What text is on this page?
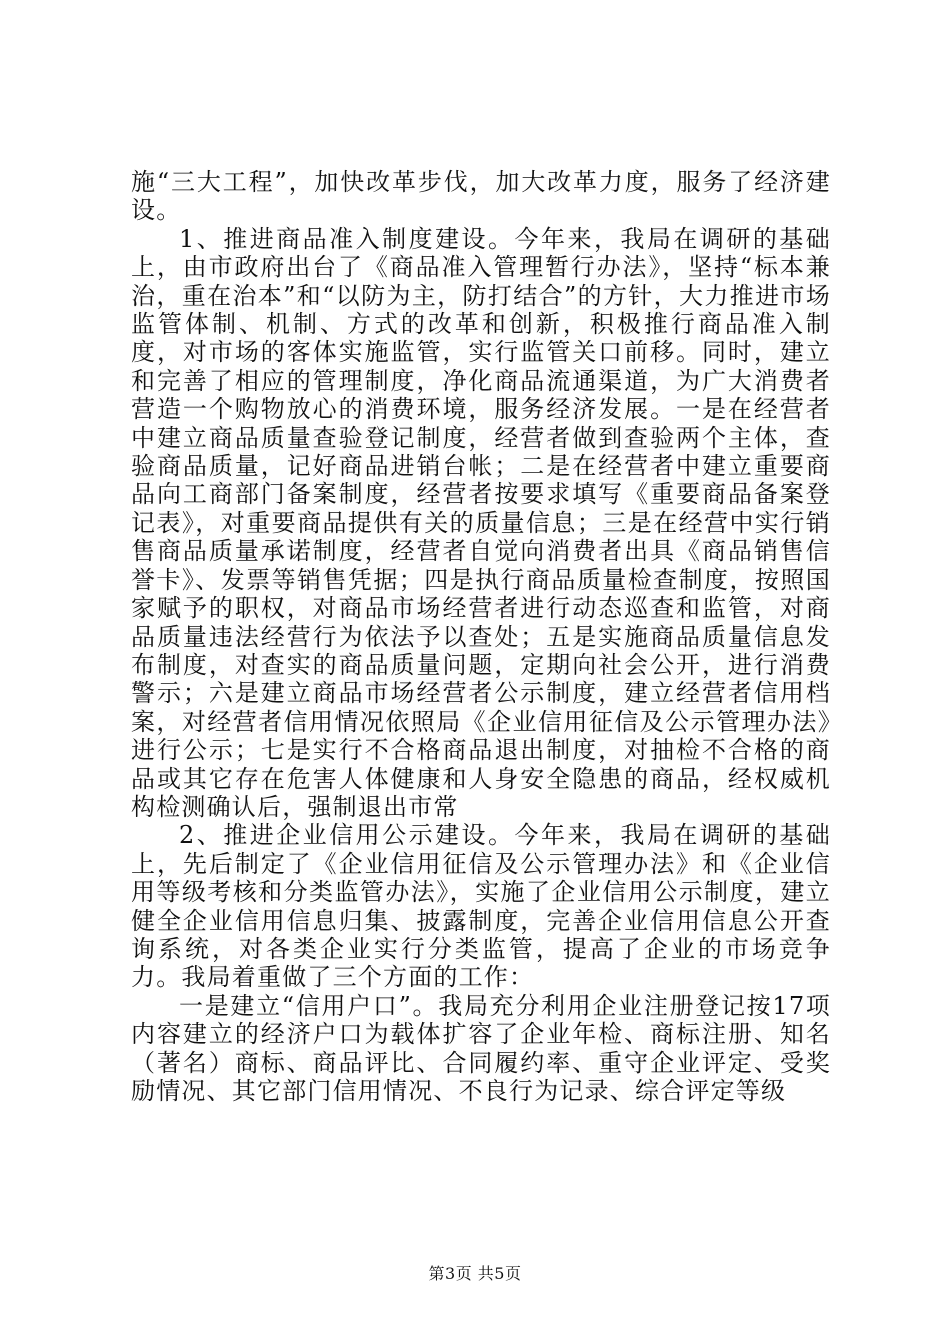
施“三大工程”，加快改革步伐，加大改革力度，服务了经济建设。

1、推进商品准入制度建设。今年来，我局在调研的基础上，由市政府出台了《商品准入管理暂行办法》，坚持“标本兼治，重在治本”和“以防为主，防打结合”的方针，大力推进市场监管体制、机制、方式的改革和创新，积极推行商品准入制度，对市场的客体实施监管，实行监管关口前移。同时，建立和完善了相应的管理制度，净化商品流通渠道，为广大消费者营造一个购物放心的消费环境，服务经济发展。一是在经营者中建立商品质量查验登记制度，经营者做到查验两个主体，查验商品质量，记好商品进销台帐；二是在经营者中建立重要商品向工商部门备案制度，经营者按要求填写《重要商品备案登记表》，对重要商品提供有关的质量信息；三是在经营中实行销售商品质量承诺制度，经营者自觉向消费者出具《商品销售信誉卡》、发票等销售凭据；四是执行商品质量检查制度，按照国家赋予的职权，对商品市场经营者进行动态巡查和监管，对商品质量违法经营行为依法予以查处；五是实施商品质量信息发布制度，对查实的商品质量问题，定期向社会公开，进行消费警示；六是建立商品市场经营者公示制度，建立经营者信用档案，对经营者信用情况依照局《企业信用征信及公示管理办法》进行公示；七是实行不合格商品退出制度，对抽检不合格的商品或其它存在危害人体健康和人身安全隐患的商品，经权威机构检测确认后，强制退出市常

2、推进企业信用公示建设。今年来，我局在调研的基础上，先后制定了《企业信用征信及公示管理办法》和《企业信用等级考核和分类监管办法》，实施了企业信用公示制度，建立健全企业信用信息归集、披露制度，完善企业信用信息公开查询系统，对各类企业实行分类监管，提高了企业的市场竞争力。我局着重做了三个方面的工作：

一是建立“信用户口”。我局充分利用企业注册登记按17项内容建立的经济户口为载体扩容了企业年检、商标注册、知名（著名）商标、商品评比、合同履约率、重守企业评定、受奖励情况、其它部门信用情况、不良行为记录、综合评定等级

第3页 共5页
